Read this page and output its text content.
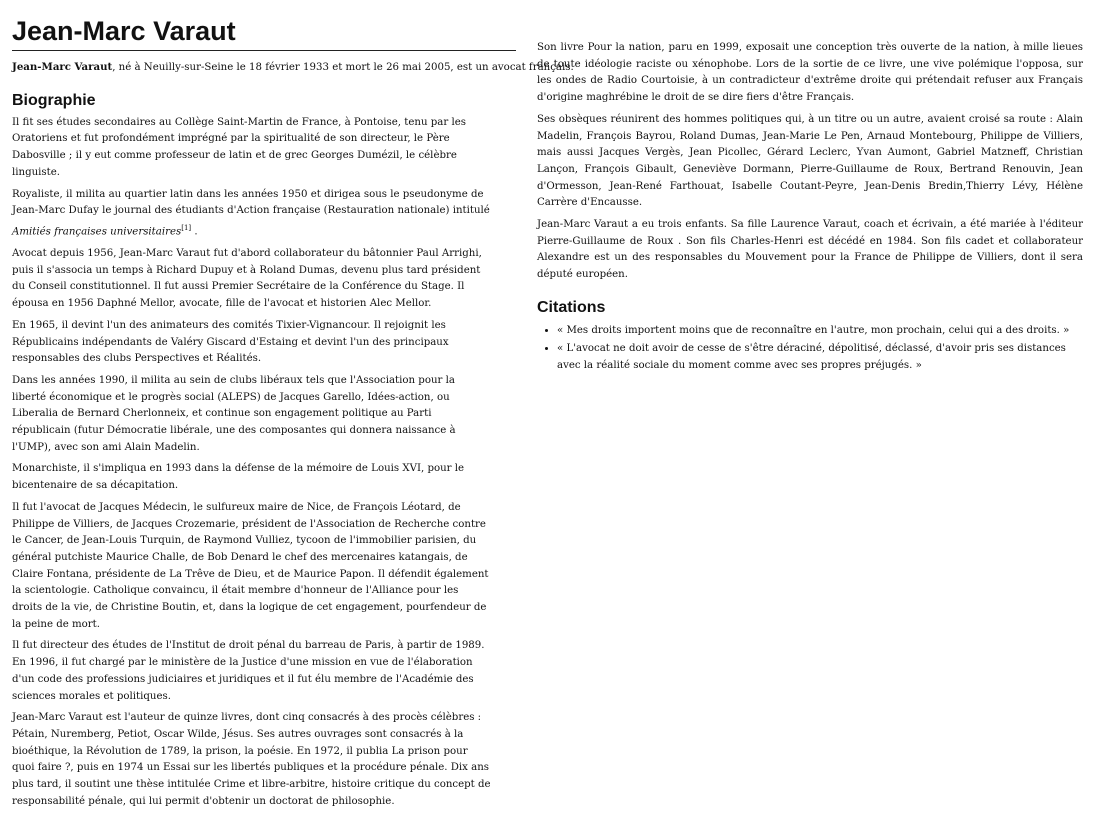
Jean-Marc Varaut

Jean-Marc Varaut, né à Neuilly-sur-Seine le 18 février 1933 et mort le 26 mai 2005, est un avocat français.

Biographie

Il fit ses études secondaires au Collège Saint-Martin de France, à Pontoise, tenu par les
Oratoriens et fut profondément imprégné par la spiritualité de son directeur, le Père
Dabosville ; il y eut comme professeur de latin et de grec Georges Dumézil, le célèbre
linguiste.

Royaliste, il milita au quartier latin dans les années 1950 et dirigea sous le pseudonyme de
Jean-Marc Dufay le journal des étudiants d'Action française (Restauration nationale) intitulé
Amitiés françaises universitaires[1] .

Avocat depuis 1956, Jean-Marc Varaut fut d'abord collaborateur du bâtonnier Paul Arrighi,
puis il s'associa un temps à Richard Dupuy et à Roland Dumas, devenu plus tard président
du Conseil constitutionnel. Il fut aussi Premier Secrétaire de la Conférence du Stage. Il
épousa en 1956 Daphné Mellor, avocate, fille de l'avocat et historien Alec Mellor.

En 1965, il devint l'un des animateurs des comités Tixier-Vignancour. Il rejoignit les
Républicains indépendants de Valéry Giscard d'Estaing et devint l'un des principaux
responsables des clubs Perspectives et Réalités.

Dans les années 1990, il milita au sein de clubs libéraux tels que l'Association pour la
liberté économique et le progrès social (ALEPS) de Jacques Garello, Idées-action, ou
Liberalia de Bernard Cherlonneix, et continue son engagement politique au Parti
républicain (futur Démocratie libérale, une des composantes qui donnera naissance à
l'UMP), avec son ami Alain Madelin.

Monarchiste, il s'impliqua en 1993 dans la défense de la mémoire de Louis XVI, pour le
bicentenaire de sa décapitation.

Il fut l'avocat de Jacques Médecin, le sulfureux maire de Nice, de François Léotard, de
Philippe de Villiers, de Jacques Crozemarie, président de l'Association de Recherche contre
le Cancer, de Jean-Louis Turquin, de Raymond Vulliez, tycoon de l'immobilier parisien, du
général putchiste Maurice Challe, de Bob Denard le chef des mercenaires katangais, de
Claire Fontana, présidente de La Trêve de Dieu, et de Maurice Papon. Il défendit également
la scientologie. Catholique convaincu, il était membre d'honneur de l'Alliance pour les
droits de la vie, de Christine Boutin, et, dans la logique de cet engagement, pourfendeur de
la peine de mort.

Il fut directeur des études de l'Institut de droit pénal du barreau de Paris, à partir de 1989.
En 1996, il fut chargé par le ministère de la Justice d'une mission en vue de l'élaboration
d'un code des professions judiciaires et juridiques et il fut élu membre de l'Académie des
sciences morales et politiques.

Jean-Marc Varaut est l'auteur de quinze livres, dont cinq consacrés à des procès célèbres :
Pétain, Nuremberg, Petiot, Oscar Wilde, Jésus. Ses autres ouvrages sont consacrés à la
bioéthique, la Révolution de 1789, la prison, la poésie. En 1972, il publia La prison pour
quoi faire ?, puis en 1974 un Essai sur les libertés publiques et la procédure pénale. Dix ans
plus tard, il soutint une thèse intitulée Crime et libre-arbitre, histoire critique du concept de
responsabilité pénale, qui lui permit d'obtenir un doctorat de philosophie.

Son livre Pour la nation, paru en 1999, exposait une conception très ouverte de la nation, à mille lieues de toute idéologie raciste ou xénophobe. Lors de la sortie de ce livre, une vive polémique l'opposa, sur les ondes de Radio Courtoisie, à un contradicteur d'extrême droite qui prétendait refuser aux Français d'origine maghrébine le droit de se dire fiers d'être Français.

Ses obsèques réunirent des hommes politiques qui, à un titre ou un autre, avaient croisé sa route : Alain Madelin, François Bayrou, Roland Dumas, Jean-Marie Le Pen, Arnaud Montebourg, Philippe de Villiers, mais aussi Jacques Vergès, Jean Picollec, Gérard Leclerc, Yvan Aumont, Gabriel Matzneff, Christian Lançon, François Gibault, Geneviève Dormann, Pierre-Guillaume de Roux, Bertrand Renouvin, Jean d'Ormesson, Jean-René Farthouat, Isabelle Coutant-Peyre, Jean-Denis Bredin,Thierry Lévy, Hélène Carrère d'Encausse.

Jean-Marc Varaut a eu trois enfants. Sa fille Laurence Varaut, coach et écrivain, a été mariée à l'éditeur Pierre-Guillaume de Roux . Son fils Charles-Henri est décédé en 1984. Son fils cadet et collaborateur Alexandre est un des responsables du Mouvement pour la France de Philippe de Villiers, dont il sera député européen.

Citations
• « Mes droits importent moins que de reconnaître en l'autre, mon prochain, celui qui a des droits. »
• « L'avocat ne doit avoir de cesse de s'être déraciné, dépolitisé, déclassé, d'avoir pris ses distances avec la réalité sociale du moment comme avec ses propres préjugés. »
